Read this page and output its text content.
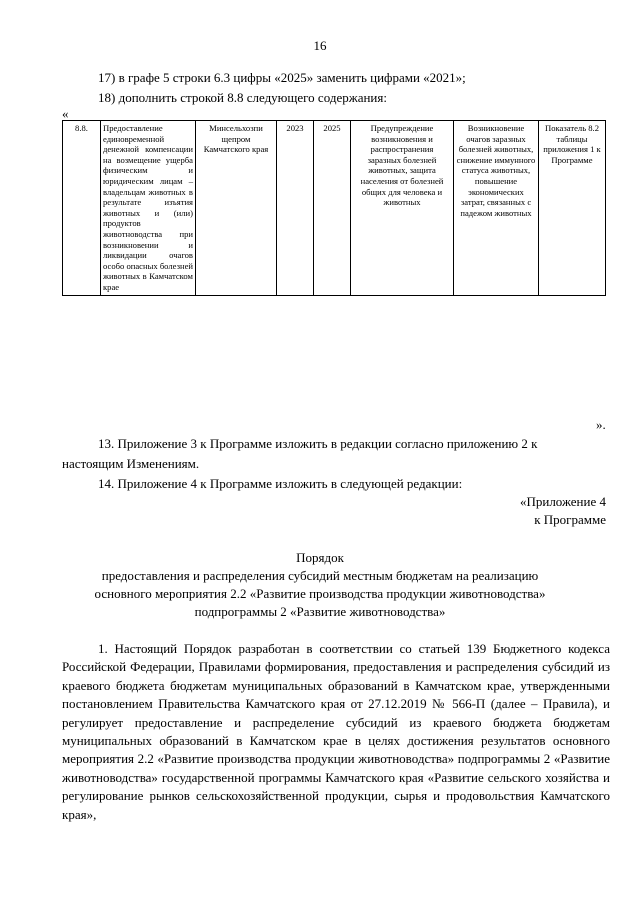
16
17) в графе 5 строки 6.3 цифры «2025» заменить цифрами «2021»;
18) дополнить строкой 8.8 следующего содержания:
«
8.8.	Предоставление единовременной денежной компенсации на возмещение ущерба физическим и юридическим лицам – владельцам животных в результате изъятия животных и (или) продуктов животноводства при возникновении и ликвидации очагов особо опасных болезней животных в Камчатском крае	Минсельхозпи щепром Камчатского края	2023	2025	Предупреждение возникновения и распространения заразных болезней животных, защита населения от болезней общих для человека и животных	Возникновение очагов заразных болезней животных, снижение иммунного статуса животных, повышение экономических затрат, связанных с падежом животных	Показатель 8.2 таблицы приложения 1 к Программе
».
13. Приложение 3 к Программе изложить в редакции согласно приложению 2 к
настоящим Изменениям.
14. Приложение 4 к Программе изложить в следующей редакции:
«Приложение 4
к Программе
Порядок
предоставления и распределения субсидий местным бюджетам на реализацию
основного мероприятия 2.2 «Развитие производства продукции животноводства»
подпрограммы 2 «Развитие животноводства»
1. Настоящий Порядок разработан в соответствии со статьей 139 Бюджетного кодекса Российской Федерации, Правилами формирования, предоставления и распределения субсидий из краевого бюджета бюджетам муниципальных образований в Камчатском крае, утвержденными постановлением Правительства Камчатского края от 27.12.2019 № 566-П (далее – Правила), и регулирует предоставление и распределение субсидий из краевого бюджета бюджетам муниципальных образований в Камчатском крае в целях достижения результатов основного мероприятия 2.2 «Развитие производства продукции животноводства» подпрограммы 2 «Развитие животноводства» государственной программы Камчатского края «Развитие сельского хозяйства и регулирование рынков сельскохозяйственной продукции, сырья и продовольствия Камчатского края»,
